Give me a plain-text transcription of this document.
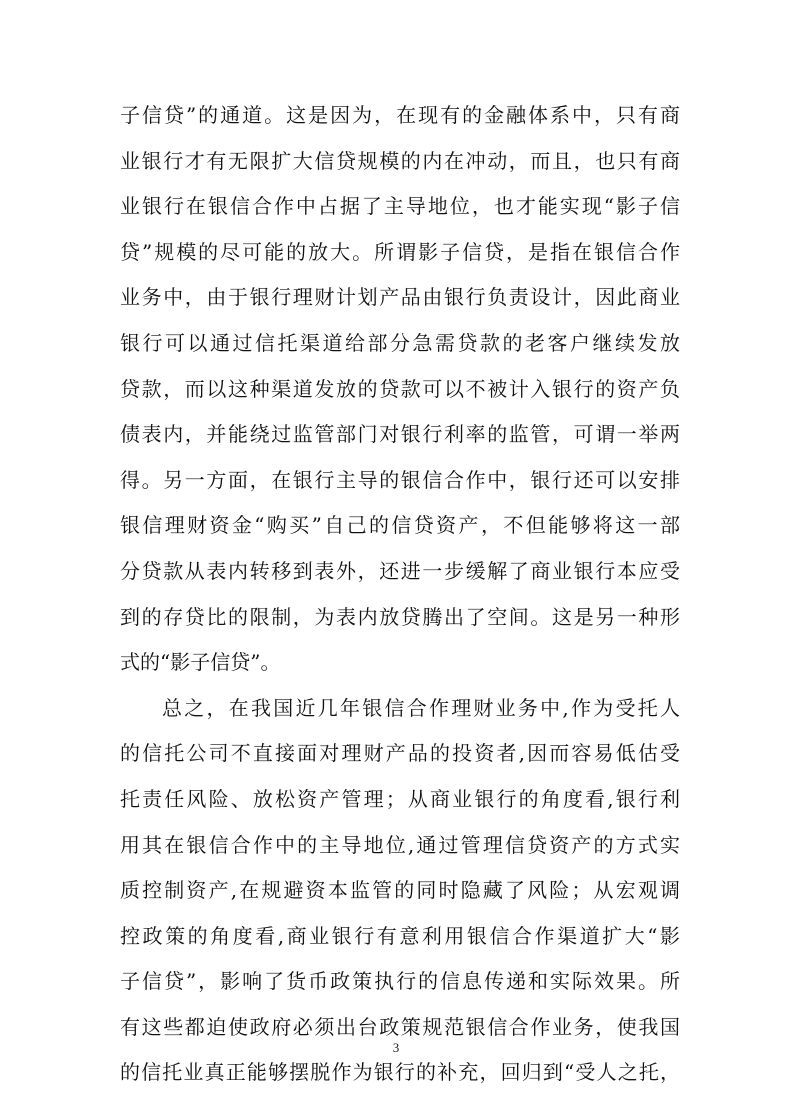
子信贷”的通道。这是因为，在现有的金融体系中，只有商
业银行才有无限扩大信贷规模的内在冲动，而且，也只有商
业银行在银信合作中占据了主导地位，也才能实现“影子信
贷”规模的尽可能的放大。所谓影子信贷，是指在银信合作
业务中，由于银行理财计划产品由银行负责设计，因此商业
银行可以通过信托渠道给部分急需贷款的老客户继续发放
贷款，而以这种渠道发放的贷款可以不被计入银行的资产负
债表内，并能绕过监管部门对银行利率的监管，可谓一举两
得。另一方面，在银行主导的银信合作中，银行还可以安排
银信理财资金“购买”自己的信贷资产，不但能够将这一部
分贷款从表内转移到表外，还进一步缓解了商业银行本应受
到的存贷比的限制，为表内放贷腾出了空间。这是另一种形
式的“影子信贷”。
总之，在我国近几年银信合作理财业务中,作为受托人
的信托公司不直接面对理财产品的投资者,因而容易低估受
托责任风险、放松资产管理；从商业银行的角度看,银行利
用其在银信合作中的主导地位,通过管理信贷资产的方式实
质控制资产,在规避资本监管的同时隐藏了风险；从宏观调
控政策的角度看,商业银行有意利用银信合作渠道扩大“影
子信贷”，影响了货币政策执行的信息传递和实际效果。所
有这些都迫使政府必须出台政策规范银信合作业务，使我国
的信托业真正能够摆脱作为银行的补充，回归到“受人之托，
3
